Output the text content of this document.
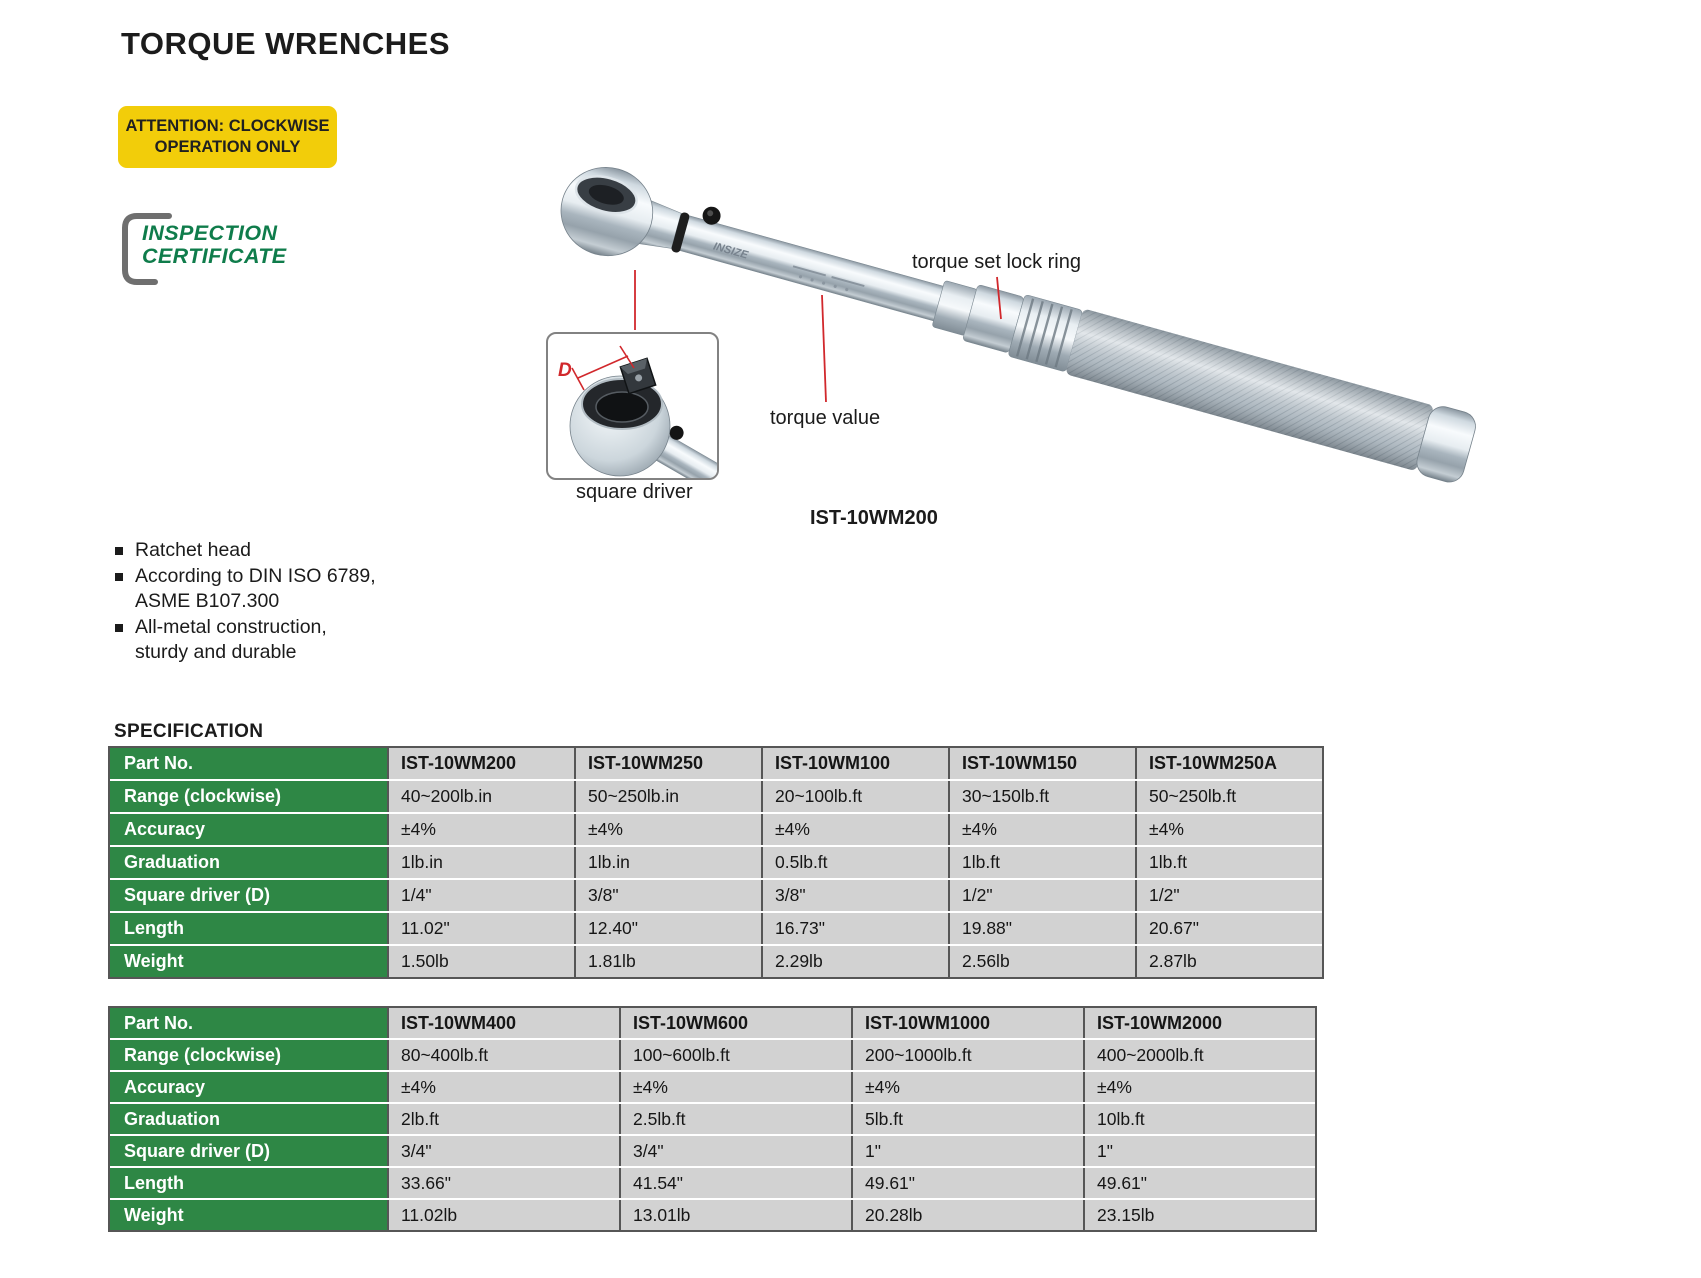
TORQUE WRENCHES
ATTENTION: CLOCKWISE
OPERATION ONLY
INSPECTION
CERTIFICATE	INSIZE
D
torque set lock ring
torque value
square driver
IST-10WM200
Ratchet head
According to DIN ISO 6789,
ASME B107.300
All-metal construction,
sturdy and durable
SPECIFICATION
Part No.	IST-10WM200	IST-10WM250	IST-10WM100	IST-10WM150	IST-10WM250A
Range (clockwise)	40~200lb.in	50~250lb.in	20~100lb.ft	30~150lb.ft	50~250lb.ft
Accuracy	±4%	±4%	±4%	±4%	±4%
Graduation	1lb.in	1lb.in	0.5lb.ft	1lb.ft	1lb.ft
Square driver (D)	1/4"	3/8"	3/8"	1/2"	1/2"
Length	11.02"	12.40"	16.73"	19.88"	20.67"
Weight	1.50lb	1.81lb	2.29lb	2.56lb	2.87lb
Part No.	IST-10WM400	IST-10WM600	IST-10WM1000	IST-10WM2000
Range (clockwise)	80~400lb.ft	100~600lb.ft	200~1000lb.ft	400~2000lb.ft
Accuracy	±4%	±4%	±4%	±4%
Graduation	2lb.ft	2.5lb.ft	5lb.ft	10lb.ft
Square driver (D)	3/4"	3/4"	1"	1"
Length	33.66"	41.54"	49.61"	49.61"
Weight	11.02lb	13.01lb	20.28lb	23.15lb
